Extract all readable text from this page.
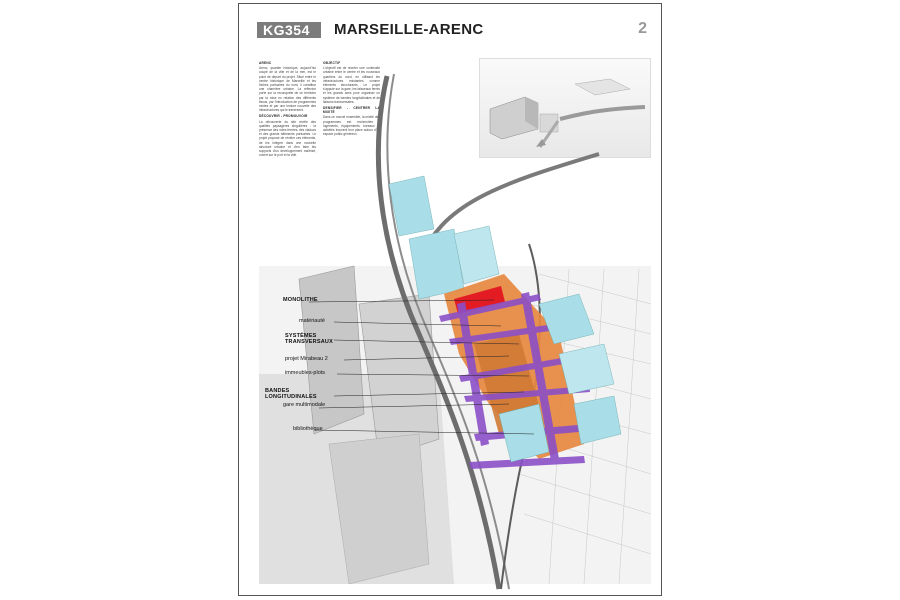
KG354	MARSEILLE-ARENC	2
ARENC

Arenc, quartier historique, aujourd'hui coupé de la ville et de la mer, est le point de départ du projet. Situé entre le centre historique de Marseille et les friches portuaires du nord, il constitue une charnière urbaine. La réflexion porte sur la reconquête de ce territoire par la mise en relation des différents tissus, par l'introduction de programmes mixtes et par une lecture nouvelle des infrastructures qui le traversent.

DÉCOUVRIR - PROMOUVOIR

La découverte du site révèle des qualités paysagères singulières : la présence des voies ferrées, des viaducs et des grands bâtiments portuaires. Le projet propose de révéler ces éléments, de les intégrer dans une nouvelle structure urbaine et d'en faire les supports d'un développement maîtrisé, ouvert sur le port et la ville.

OBJECTIF

L'objectif est de recréer une continuité urbaine entre le centre et les nouveaux quartiers du nord, en utilisant les infrastructures existantes comme éléments structurants. Le projet s'appuie sur la gare, les faisceaux ferrés et les grands axes pour organiser un système de bandes longitudinales et de liaisons transversales.

DENSIFIER - CENTRER LA MIXITÉ

Dans ce nouvel ensemble, la mixité des programmes est recherchée : logements, équipements, bureaux et activités trouvent leur place autour d'un espace public généreux.

MONOLITHE
matériauté
SYSTÈMES TRANSVERSAUX
projet Mirabeau 2
immeubles-plots
BANDES LONGITUDINALES
gare multimodale
bibliothèque
